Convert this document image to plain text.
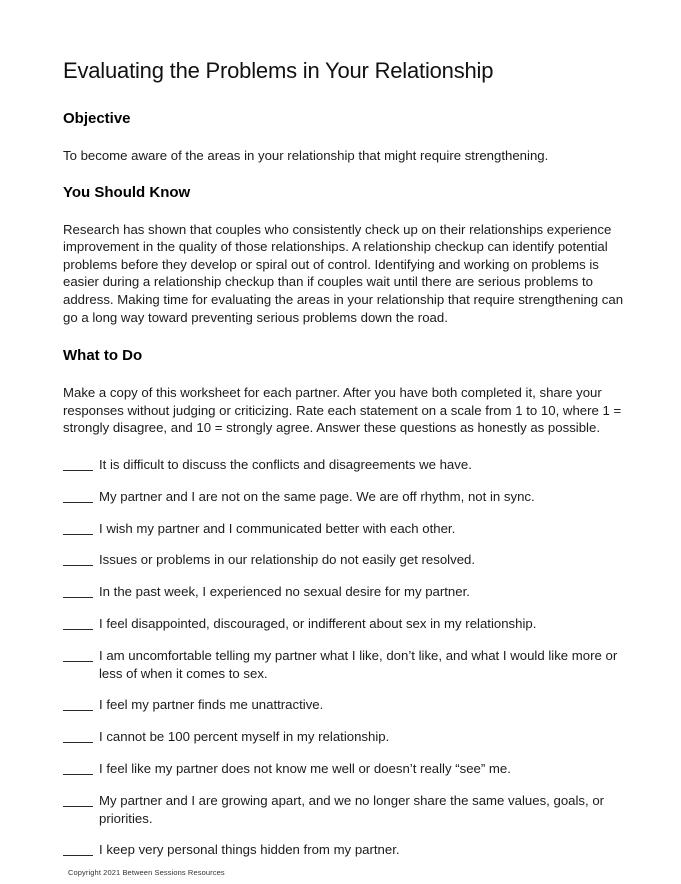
Evaluating the Problems in Your Relationship
Objective

To become aware of the areas in your relationship that might require strengthening.

You Should Know

Research has shown that couples who consistently check up on their relationships experience improvement in the quality of those relationships. A relationship checkup can identify potential problems before they develop or spiral out of control. Identifying and working on problems is easier during a relationship checkup than if couples wait until there are serious problems to address. Making time for evaluating the areas in your relationship that require strengthening can go a long way toward preventing serious problems down the road.

What to Do

Make a copy of this worksheet for each partner. After you have both completed it, share your responses without judging or criticizing. Rate each statement on a scale from 1 to 10, where 1 = strongly disagree, and 10 = strongly agree. Answer these questions as honestly as possible.

It is difficult to discuss the conflicts and disagreements we have.
My partner and I are not on the same page. We are off rhythm, not in sync.
I wish my partner and I communicated better with each other.
Issues or problems in our relationship do not easily get resolved.
In the past week, I experienced no sexual desire for my partner.
I feel disappointed, discouraged, or indifferent about sex in my relationship.
I am uncomfortable telling my partner what I like, don’t like, and what I would like more or less of when it comes to sex.
I feel my partner finds me unattractive.
I cannot be 100 percent myself in my relationship.
I feel like my partner does not know me well or doesn’t really “see” me.
My partner and I are growing apart, and we no longer share the same values, goals, or priorities.
I keep very personal things hidden from my partner.
Copyright 2021 Between Sessions Resources
